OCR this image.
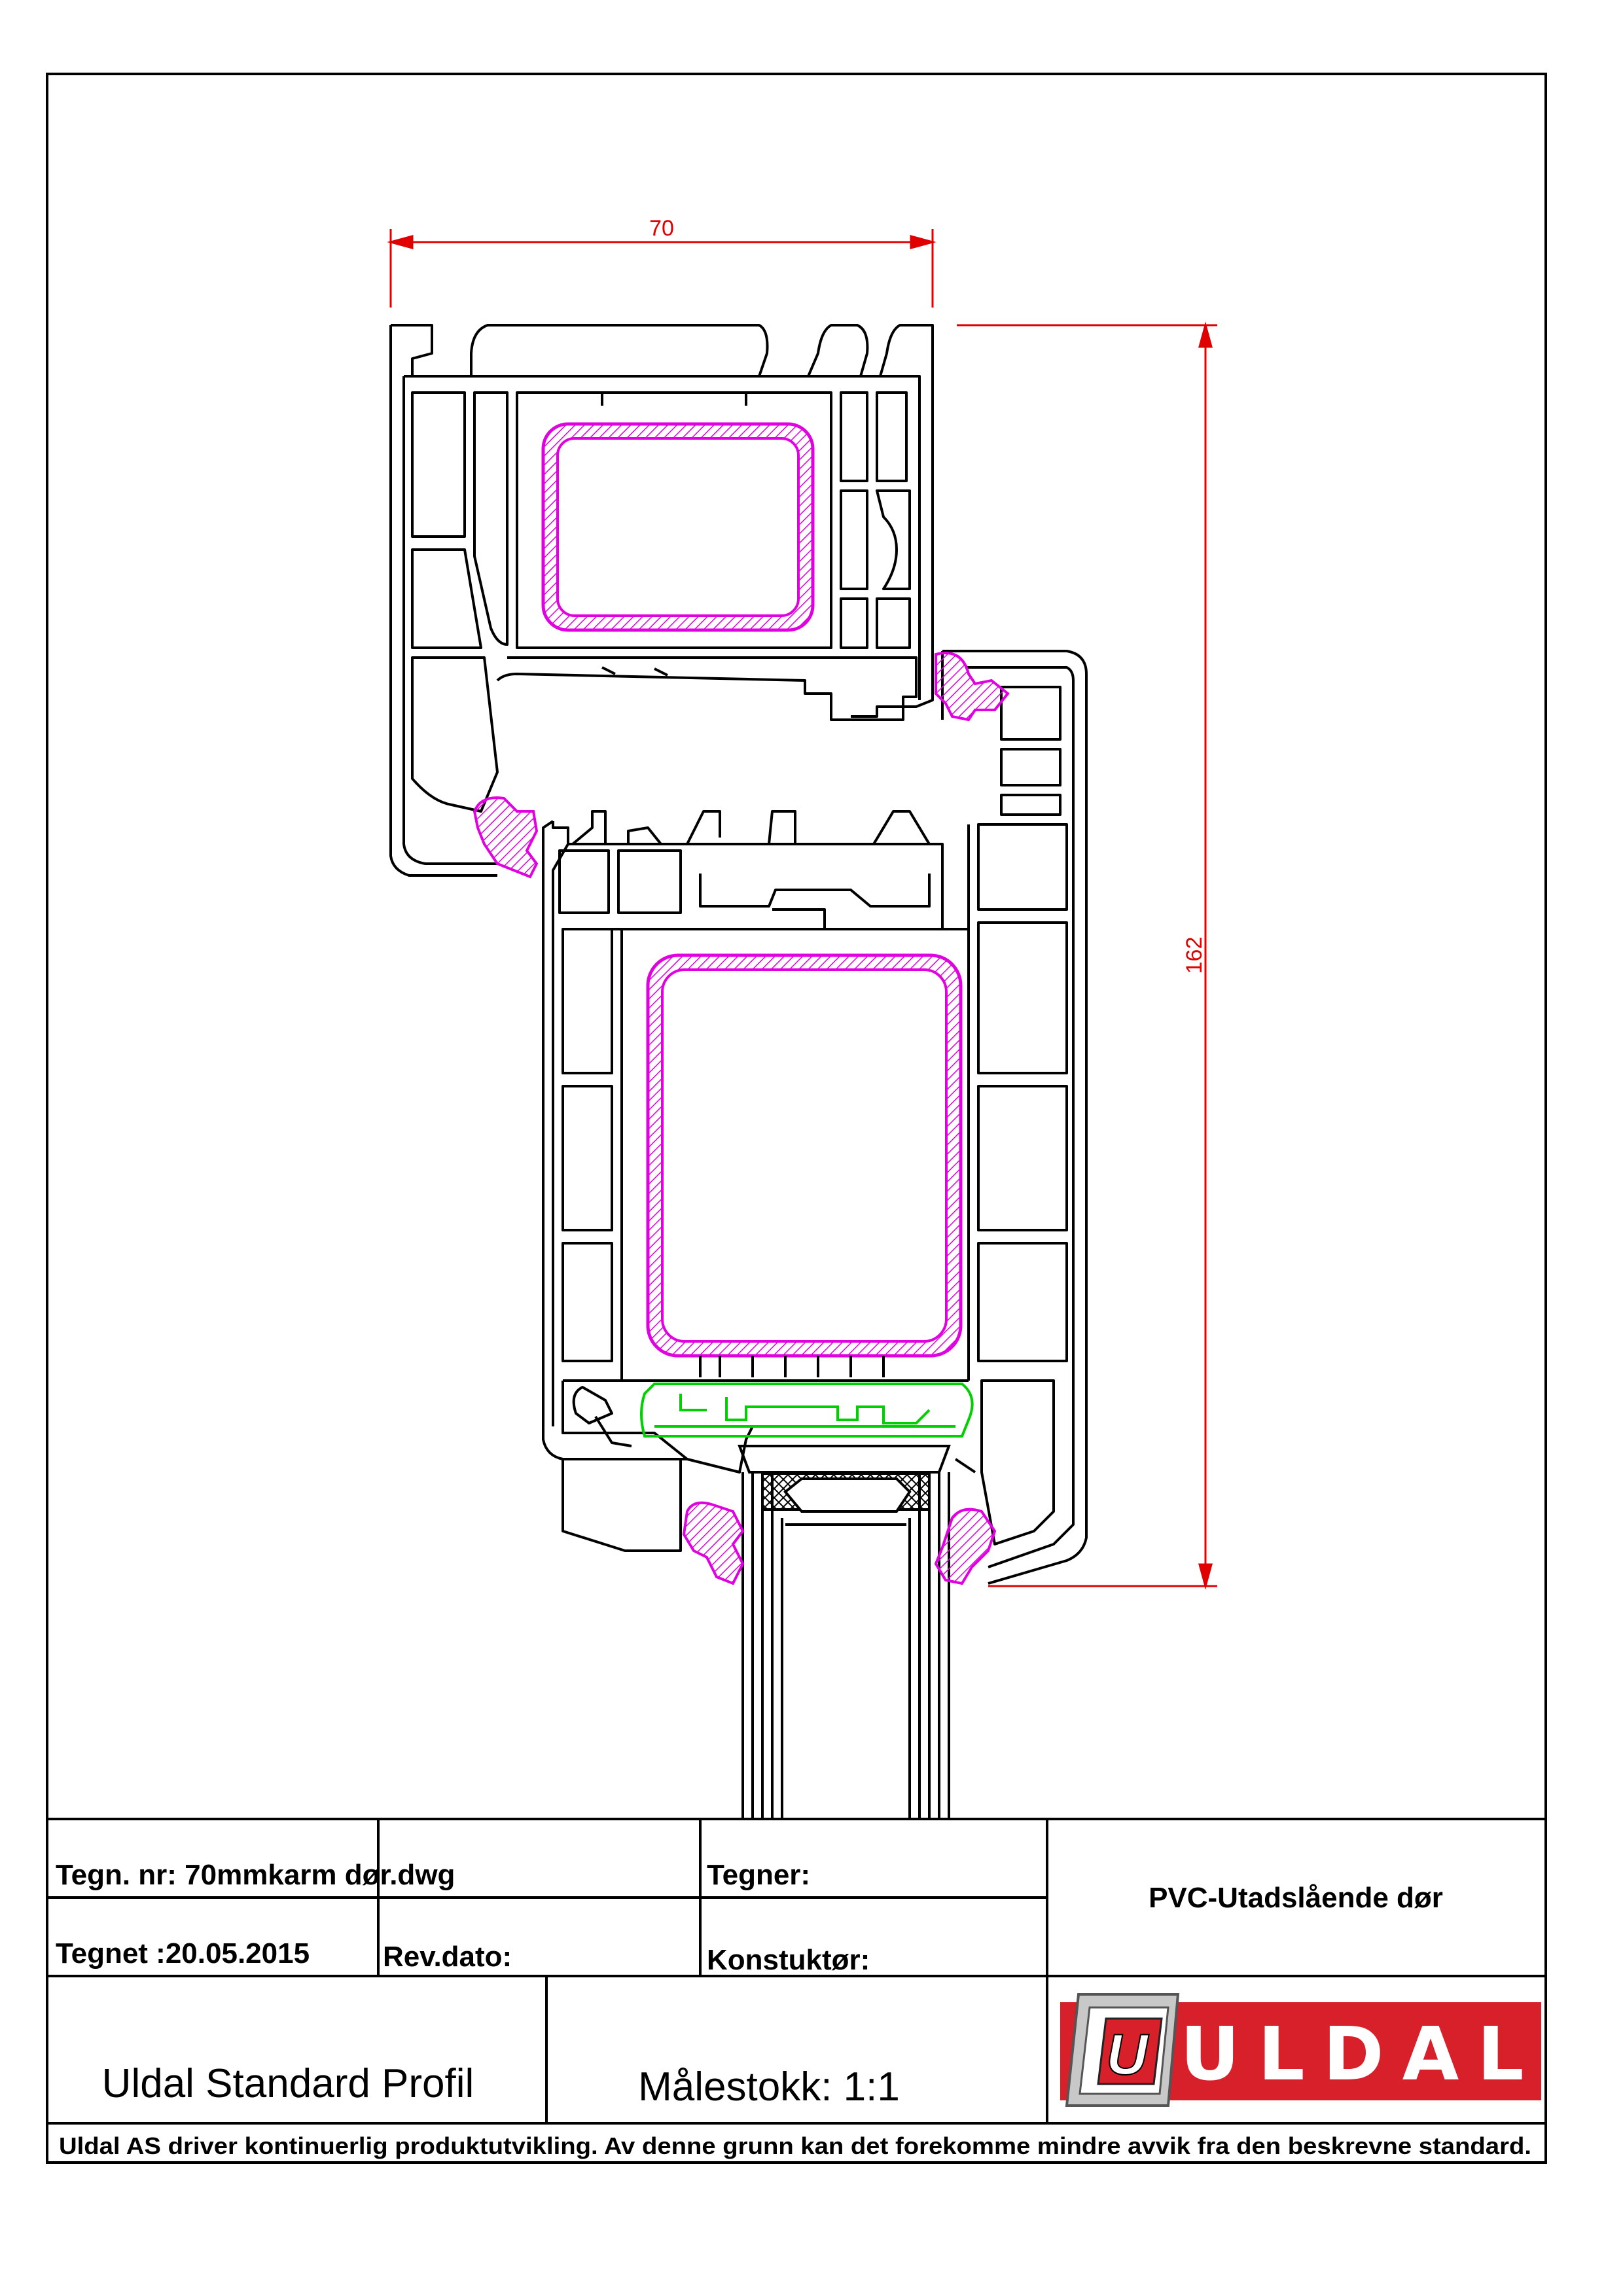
70
162
Tegn. nr: 70mmkarm dør.dwg
Tegnet :20.05.2015	Rev.dato:
Tegner:
Konstuktør:
PVC-Utadslående dør
Uldal Standard Profil	Målestokk: 1:1
Uldal AS driver kontinuerlig produktutvikling. Av denne grunn kan det forekomme mindre avvik fra den beskrevne standard.
U ULDAL
